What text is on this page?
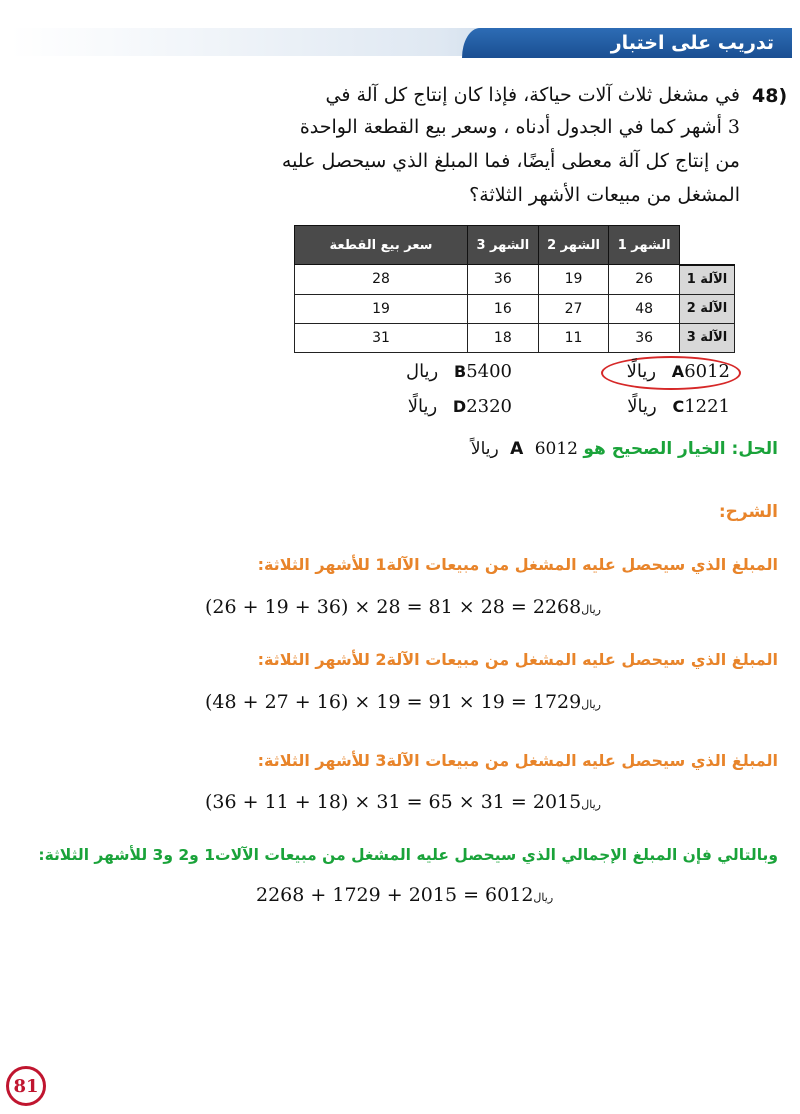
تدريب على اختبار
48)
في مشغل ثلاث آلات حياكة، فإذا كان إنتاج كل آلة في
3 أشهر كما في الجدول أدناه ، وسعر بيع القطعة الواحدة
من إنتاج كل آلة معطى أيضًا، فما المبلغ الذي سيحصل عليه
المشغل من مبيعات الأشهر الثلاثة؟
	الشهر 1	الشهر 2	الشهر 3	سعر بيع القطعة
الآلة 1	26	19	36	28
الآلة 2	48	27	16	19
الآلة 3	36	11	18	31
A6012 ريالًا
B5400 ريال
C1221 ريالًا
D2320 ريالًا
الحل: الخيار الصحيح هو A 6012 ريالاً
الشرح:
المبلغ الذي سيحصل عليه المشغل من مبيعات الآلة1 للأشهر الثلاثة:
(26 + 19 + 36) × 28 = 81 × 28 = 2268ريال
المبلغ الذي سيحصل عليه المشغل من مبيعات الآلة2 للأشهر الثلاثة:
(48 + 27 + 16) × 19 = 91 × 19 = 1729ريال
المبلغ الذي سيحصل عليه المشغل من مبيعات الآلة3 للأشهر الثلاثة:
(36 + 11 + 18) × 31 = 65 × 31 = 2015ريال
وبالتالي فإن المبلغ الإجمالي الذي سيحصل عليه المشغل من مبيعات الآلات1 و2 و3 للأشهر الثلاثة:
2268 + 1729 + 2015 = 6012ريال
81
